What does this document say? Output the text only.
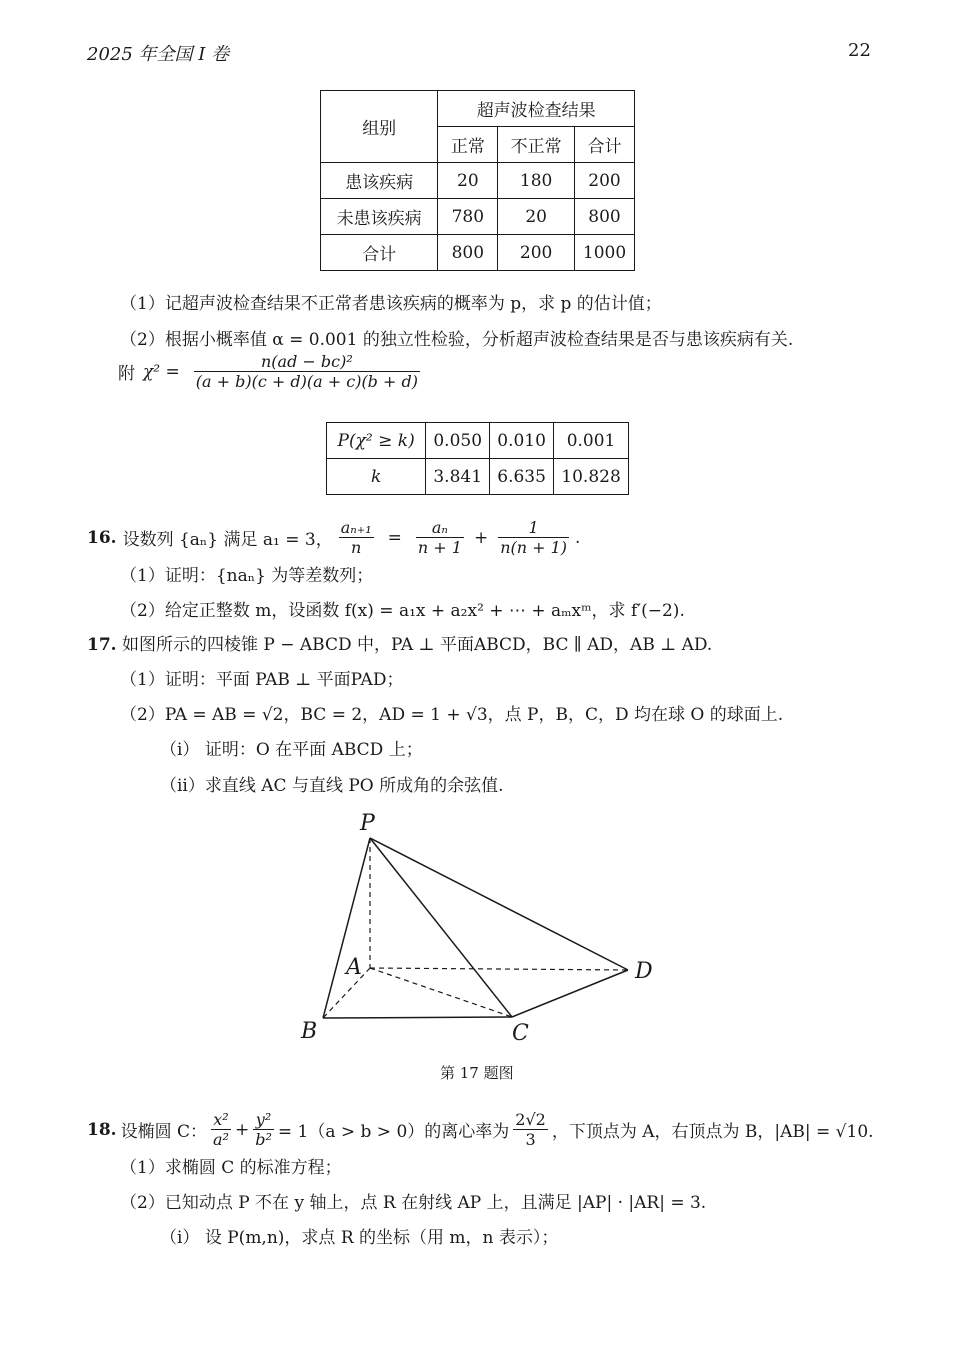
2025 年全国 I 卷	22
组别	超声波检查结果		
	正常	不正常	合计
患该疾病	20	180	200
未患该疾病	780	20	800
合计	800	200	1000
（1）记超声波检查结果不正常者患该疾病的概率为 p，求 p 的估计值；
（2）根据小概率值 α = 0.001 的独立性检验，分析超声波检查结果是否与患该疾病有关.
附 $\chi^2 = \frac{\text{n(ad − bc)²}}{(a + b)(c + d)(a + c)(b + d)}$
P(χ² ≥ k)	0.050	0.010	0.001
k	3.841	6.635	10.828
16. 设数列 {aₙ} 满足 a₁ = 3， $\frac{\text{aₙ₊₁}}{n} = \frac{\text{aₙ}}{n + 1} + \frac{1}{n(n + 1)}$ .
（1）证明：{naₙ} 为等差数列；
（2）给定正整数 m，设函数 f(x) = a₁x + a₂x² + ⋯ + aₘxᵐ，求 f′(−2).
17. 如图所示的四棱锥 P − ABCD 中，PA ⊥ 平面ABCD，BC ∥ AD，AB ⊥ AD.
（1）证明：平面 PAB ⊥ 平面PAD；
（2）PA = AB = √2，BC = 2，AD = 1 + √3，点 P，B，C，D 均在球 O 的球面上.
（i） 证明：O 在平面 ABCD 上；
（ii）求直线 AC 与直线 PO 所成角的余弦值.
P
A
B	C
D
第 17 题图
18. 设椭圆 C： $\frac{\text{x²}}{\text{a²}} + \frac{\text{y²}}{\text{b²}} = 1(a > b > 0)$的离心率为 $\frac{2√2}{3}$ ，下顶点为 A，右顶点为 B，|AB| = √10.
（1）求椭圆 C 的标准方程；
（2）已知动点 P 不在 y 轴上，点 R 在射线 AP 上，且满足 |AP| · |AR| = 3.
（i） 设 P(m,n)，求点 R 的坐标（用 m，n 表示）；
